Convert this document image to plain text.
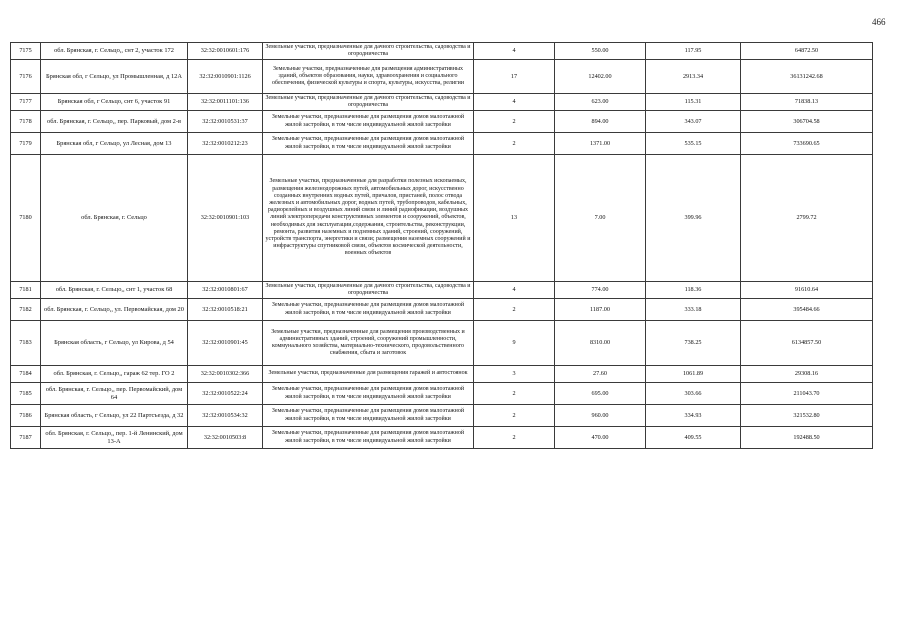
466
7175	обл. Брянская, г. Сельцо,, снт 2, участок 172	32:32:0010601:176	Земельные участки, предназначенные для дачного строительства, садоводства и огородничества	4	550.00	117.95	64872.50
7176	Брянская обл, г Сельцо, ул Промышленная, д 12А	32:32:0010901:1126	Земельные участки, предназначенные для размещения административных зданий, объектов образования, науки, здравоохранения и социального обеспечения, физической культуры и спорта, культуры, искусства, религии	17	12402.00	2913.34	36131242.68
7177	Брянская обл, г Сельцо, снт 6, участок 91	32:32:0011101:136	Земельные участки, предназначенные для дачного строительства, садоводства и огородничества	4	623.00	115.31	71838.13
7178	обл. Брянская, г. Сельцо,, пер. Парковый, дом 2-в	32:32:0010531:37	Земельные участки, предназначенные для размещения домов малоэтажной жилой застройки, в том числе индивидуальной жилой застройки	2	894.00	343.07	306704.58
7179	Брянская обл, г Сельцо, ул Лесная, дом 13	32:32:0010212:23	Земельные участки, предназначенные для размещения домов малоэтажной жилой застройки, в том числе индивидуальной жилой застройки	2	1371.00	535.15	733690.65
7180	обл. Брянская, г. Сельцо	32:32:0010901:103	Земельные участки, предназначенные для разработки полезных ископаемых, размещения железнодорожных путей, автомобильных дорог, искусственно созданных внутренних водных путей, причалов, пристаней, полос отвода железных и автомобильных дорог, водных путей, трубопроводов, кабельных, радиорелейных и воздушных линий связи и линий радиофикации, воздушных линий электропередачи конструктивных элементов и сооружений, объектов, необходимых для эксплуатации,содержания, строительства, реконструкции, ремонта, развития наземных и подземных зданий, строений, сооружений, устройств транспорта, энергетики и связи; размещения наземных сооружений и инфраструктуры спутниковой связи, объектов космической деятельности, военных объектов	13	7.00	399.96	2799.72
7181	обл. Брянская, г. Сельцо,, снт 1, участок 68	32:32:0010801:67	Земельные участки, предназначенные для дачного строительства, садоводства и огородничества	4	774.00	118.36	91610.64
7182	обл. Брянская, г. Сельцо,, ул. Первомайская, дом 20	32:32:0010518:21	Земельные участки, предназначенные для размещения домов малоэтажной жилой застройки, в том числе индивидуальной жилой застройки	2	1187.00	333.18	395484.66
7183	Брянская область, г Сельцо, ул Кирова, д 54	32:32:0010901:45	Земельные участки, предназначенные для размещения производственных и административных зданий, строений, сооружений промышленности, коммунального хозяйства, материально-технического, продовольственного снабжения, сбыта и заготовок	9	8310.00	738.25	6134857.50
7184	обл. Брянская, г. Сельцо,, гараж 62 тер. ГО 2	32:32:0010302:366	Земельные участки, предназначенные для размещения гаражей и автостоянок	3	27.60	1061.89	29308.16
7185	обл. Брянская, г. Сельцо,, пер. Первомайский, дом 64	32:32:0010522:24	Земельные участки, предназначенные для размещения домов малоэтажной жилой застройки, в том числе индивидуальной жилой застройки	2	695.00	303.66	211043.70
7186	Брянская область, г Сельцо, ул 22 Партсъезда, д 32	32:32:0010534:32	Земельные участки, предназначенные для размещения домов малоэтажной жилой застройки, в том числе индивидуальной жилой застройки	2	960.00	334.93	321532.80
7187	обл. Брянская, г. Сельцо,, пер. 1-й Ленинский, дом 13-А	32:32:0010503:8	Земельные участки, предназначенные для размещения домов малоэтажной жилой застройки, в том числе индивидуальной жилой застройки	2	470.00	409.55	192488.50
